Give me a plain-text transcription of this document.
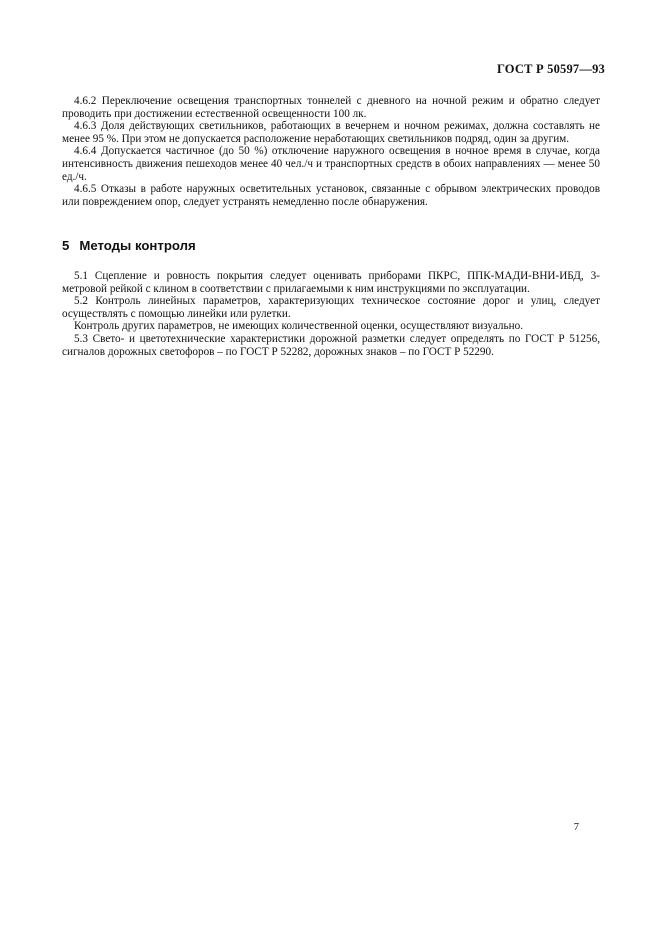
ГОСТ Р 50597—93

4.6.2 Переключение освещения транспортных тоннелей с дневного на ночной режим и обратно следует проводить при достижении естественной освещенности 100 лк.

4.6.3 Доля действующих светильников, работающих в вечернем и ночном режимах, должна составлять не менее 95 %. При этом не допускается расположение неработающих светильников подряд, один за другим.

4.6.4 Допускается частичное (до 50 %) отключение наружного освещения в ночное время в случае, когда интенсивность движения пешеходов менее 40 чел./ч и транспортных средств в обоих направлениях — менее 50 ед./ч.

4.6.5 Отказы в работе наружных осветительных установок, связанные с обрывом электрических проводов или повреждением опор, следует устранять немедленно после обнаружения.

5 Методы контроля

5.1 Сцепление и ровность покрытия следует оценивать приборами ПКРС, ППК-МАДИ-ВНИ-ИБД, 3-метровой рейкой с клином в соответствии с прилагаемыми к ним инструкциями по эксплуатации.

5.2 Контроль линейных параметров, характеризующих техническое состояние дорог и улиц, следует осуществлять с помощью линейки или рулетки.

Контроль других параметров, не имеющих количественной оценки, осуществляют визуально.

5.3 Свето- и цветотехнические характеристики дорожной разметки следует определять по ГОСТ Р 51256, сигналов дорожных светофоров – по ГОСТ Р 52282, дорожных знаков – по ГОСТ Р 52290.

7
